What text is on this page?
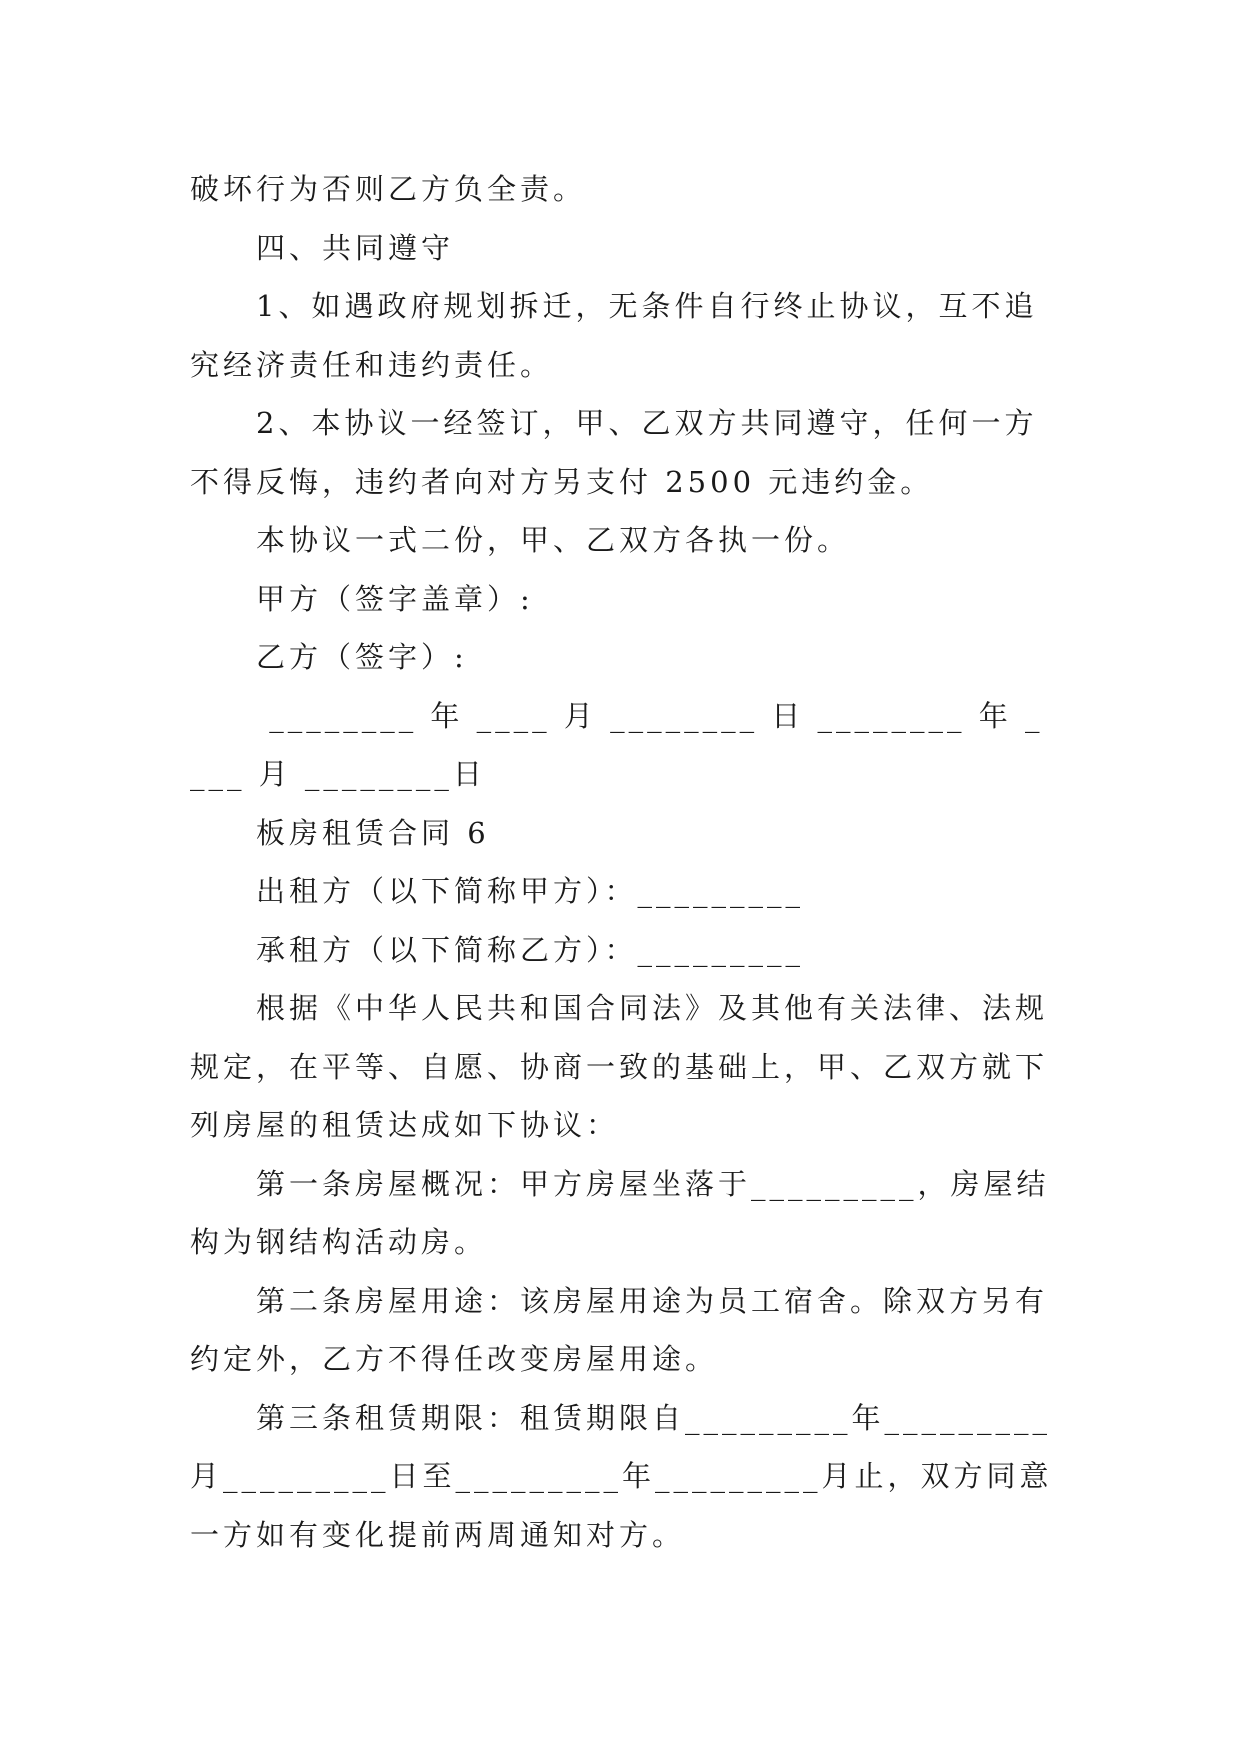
破坏行为否则乙方负全责。

四、共同遵守

1、如遇政府规划拆迁，无条件自行终止协议，互不追究经济责任和违约责任。

2、本协议一经签订，甲、乙双方共同遵守，任何一方不得反悔，违约者向对方另支付 2500 元违约金。

本协议一式二份，甲、乙双方各执一份。

甲方（签字盖章）:

乙方（签字）:

________ 年 ____ 月 ________ 日 ________ 年 ____ 月 ________日

板房租赁合同 6

出租方（以下简称甲方）：_________

承租方（以下简称乙方）：_________

根据《中华人民共和国合同法》及其他有关法律、法规规定，在平等、自愿、协商一致的基础上，甲、乙双方就下列房屋的租赁达成如下协议：

第一条房屋概况：甲方房屋坐落于_________，房屋结构为钢结构活动房。

第二条房屋用途：该房屋用途为员工宿舍。除双方另有约定外，乙方不得任改变房屋用途。

第三条租赁期限：租赁期限自_________年_________月_________日至_________年_________月止，双方同意一方如有变化提前两周通知对方。
